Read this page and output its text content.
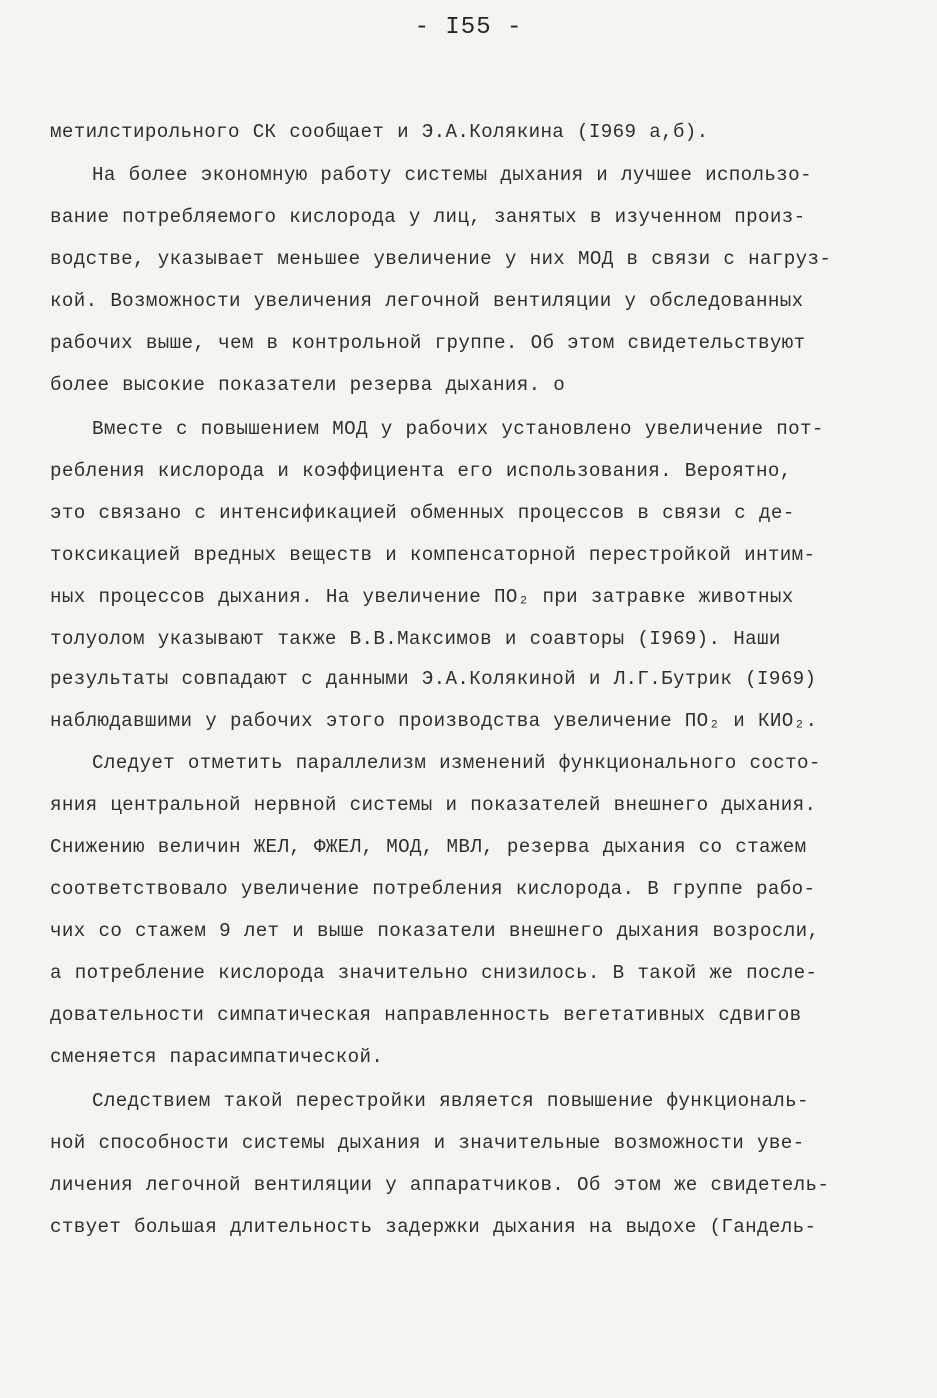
- I55 -
метилстирольного СК сообщает и Э.А.Колякина (I969 а,б).
На более экономную работу системы дыхания и лучшее использо-
вание потребляемого кислорода у лиц, занятых в изученном произ-
водстве, указывает меньшее увеличение у них МОД в связи с нагруз-
кой. Возможности увеличения легочной вентиляции у обследованных
рабочих выше, чем в контрольной группе. Об этом свидетельствуют
более высокие показатели резерва дыхания. о
Вместе с повышением МОД у рабочих установлено увеличение пот-
ребления кислорода и коэффициента его использования. Вероятно,
это связано с интенсификацией обменных процессов в связи с де-
токсикацией вредных веществ и компенсаторной перестройкой интим-
ных процессов дыхания. На увеличение ПО₂ при затравке животных
толуолом указывают также В.В.Максимов и соавторы (I969). Наши
результаты совпадают с данными Э.А.Колякиной и Л.Г.Бутрик (I969)
наблюдавшими у рабочих этого производства увеличение ПО₂ и КИО₂.
Следует отметить параллелизм изменений функционального состо-
яния центральной нервной системы и показателей внешнего дыхания.
Снижению величин ЖЕЛ, ФЖЕЛ, МОД, МВЛ, резерва дыхания со стажем
соответствовало увеличение потребления кислорода. В группе рабо-
чих со стажем 9 лет и выше показатели внешнего дыхания возросли,
а потребление кислорода значительно снизилось. В такой же после-
довательности симпатическая направленность вегетативных сдвигов
сменяется парасимпатической.
Следствием такой перестройки является повышение функциональ-
ной способности системы дыхания и значительные возможности уве-
личения легочной вентиляции у аппаратчиков. Об этом же свидетель-
ствует большая длительность задержки дыхания на выдохе (Гандель-
